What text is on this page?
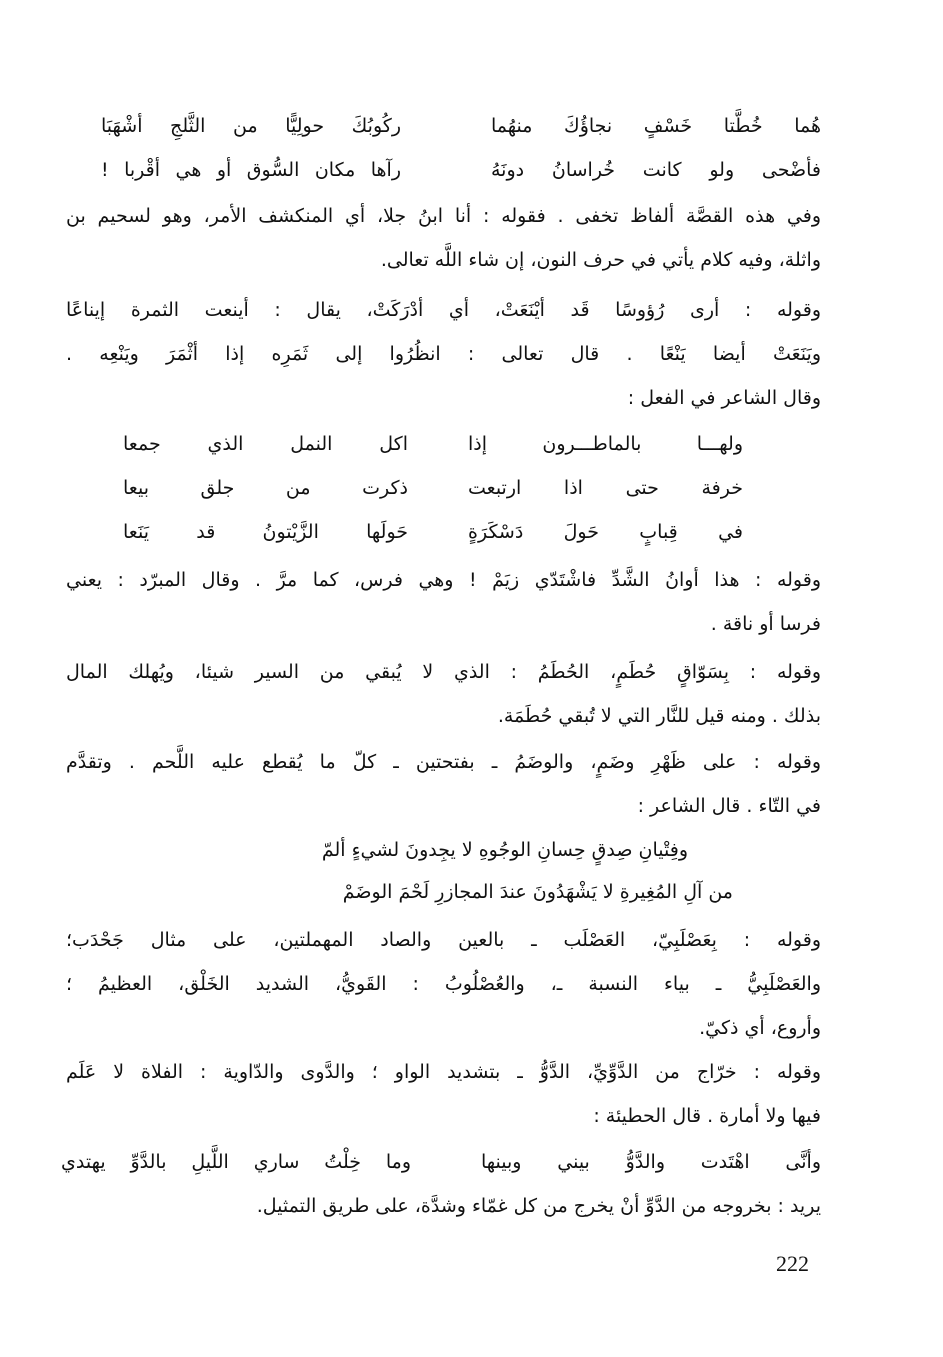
هُما خُطَّتا خَسْفٍ نجاؤُكَ منهُما
ركُوبُكَ حولِيًّا من الثَّلجِ أشْهَبَا
فأضْحى ولو كانت خُراسانُ دونَهُ
رآها مكان السُّوق أو هي أقْربا !
وفي هذه القصَّة ألفاظ تخفى . فقوله : أنا ابنُ جلا، أي المنكشف الأمر، وهو لسحيم بن
واثلة، وفيه كلام يأتي في حرف النون، إن شاء اللَّه تعالى.
وقوله : أرى رُؤوسًا قَد أيْنَعَتْ، أي أدْرَكَتْ، يقال : أينعت الثمرة إيناعًا
ويَنَعَتْ أيضا يَنْعًا . قال تعالى : انظُرُوا إلى ثَمَرِه إذا أثْمَرَ ويَنْعِه .
وقال الشاعر في الفعل :
ولهـــا بالماطـــرون إذا
اكل النمل الذي جمعا
خرفة حتى اذا ارتبعت
ذكرت من جلق بيعا
في قِبابٍ حَولَ دَسْكَرَةٍ
حَولَها الزَّيْتونُ قد يَنَعا
وقوله : هذا أوانُ الشَّدِّ فاشْتَدّي زيَمْ ! وهي فرس، كما مرَّ . وقال المبرّد : يعني
فرسا أو ناقة .
وقوله : بِسَوّاقٍ حُطَمٍ، الحُطَمُ : الذي لا يُبقي من السير شيئا، ويُهلك المال
بذلك . ومنه قيل للنَّار التي لا تُبقي حُطَمَة.
وقوله : على ظَهْرِ وضَمٍ، والوضَمُ ـ بفتحتين ـ كلّ ما يُقطع عليه اللَّحم . وتقدَّم
في التّاء . قال الشاعر :
وفِتْيانِ صِدقٍ حِسانِ الوجُوهِ لا يجِدونَ لشيءٍ ألمّ
من آلِ المُغِيرةِ لا يَشْهَدُونَ عندَ المجازرِ لَحْمَ الوضَمْ
وقوله : بِعَصْلَبِيّ، العَصْلَب ـ بالعين والصاد المهملتين، على مثال جَحْدَب؛
والعَصْلَبِيُّ ـ بياء النسبة ـ، والعُصْلُوبُ : القَويُّ، الشديد الخَلْق، العظيمُ ؛
وأروع، أي ذكيّ.
وقوله : خرّاج من الدَّوِّيِّ، الدَّوُّ ـ بتشديد الواو ؛ والدَّوى والدّاوية : الفلاة لا عَلَم
فيها ولا أمارة . قال الحطيئة :
وأنَّى اهْتَدت والدَّوُّ بيني وبينها
وما خِلْتُ ساري اللَّيلِ بالدَّوِّ يهتدي
يريد : بخروجه من الدَّوِّ أنْ يخرج من كل غمّاء وشدَّة، على طريق التمثيل.
222
